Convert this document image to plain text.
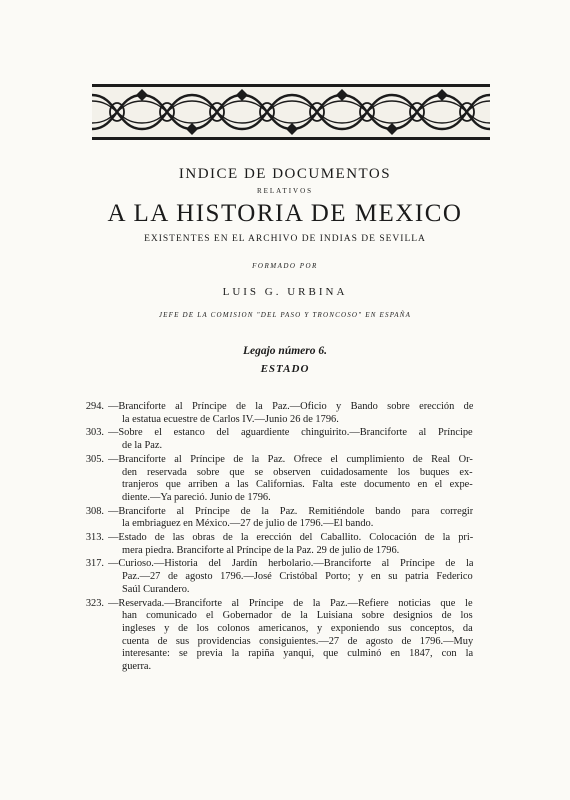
INDICE DE DOCUMENTOS
RELATIVOS
A LA HISTORIA DE MEXICO
EXISTENTES EN EL ARCHIVO DE INDIAS DE SEVILLA
FORMADO POR
LUIS G. URBINA
JEFE DE LA COMISION "DEL PASO Y TRONCOSO" EN ESPAÑA
Legajo número 6.
ESTADO
294. —Branciforte al Príncipe de la Paz.—Oficio y Bando sobre erección de
la estatua ecuestre de Carlos IV.—Junio 26 de 1796.
303. —Sobre el estanco del aguardiente chinguirito.—Branciforte al Príncipe
de la Paz.
305. —Branciforte al Príncipe de la Paz. Ofrece el cumplimiento de Real Or-
den reservada sobre que se observen cuidadosamente los buques ex-
tranjeros que arriben a las Californias. Falta este documento en el expe-
diente.—Ya pareció. Junio de 1796.
308. —Branciforte al Príncipe de la Paz. Remitiéndole bando para corregir
la embriaguez en México.—27 de julio de 1796.—El bando.
313. —Estado de las obras de la erección del Caballito. Colocación de la pri-
mera piedra. Branciforte al Príncipe de la Paz. 29 de julio de 1796.
317. —Curioso.—Historia del Jardín herbolario.—Branciforte al Príncipe de la
Paz.—27 de agosto 1796.—José Cristóbal Porto; y en su patria Federico
Saúl Curandero.
323. —Reservada.—Branciforte al Príncipe de la Paz.—Refiere noticias que le
han comunicado el Gobernador de la Luisiana sobre designios de los
ingleses y de los colonos americanos, y exponiendo sus conceptos, da
cuenta de sus providencias consiguientes.—27 de agosto de 1796.—Muy
interesante: se previa la rapiña yanqui, que culminó en 1847, con la
guerra.
